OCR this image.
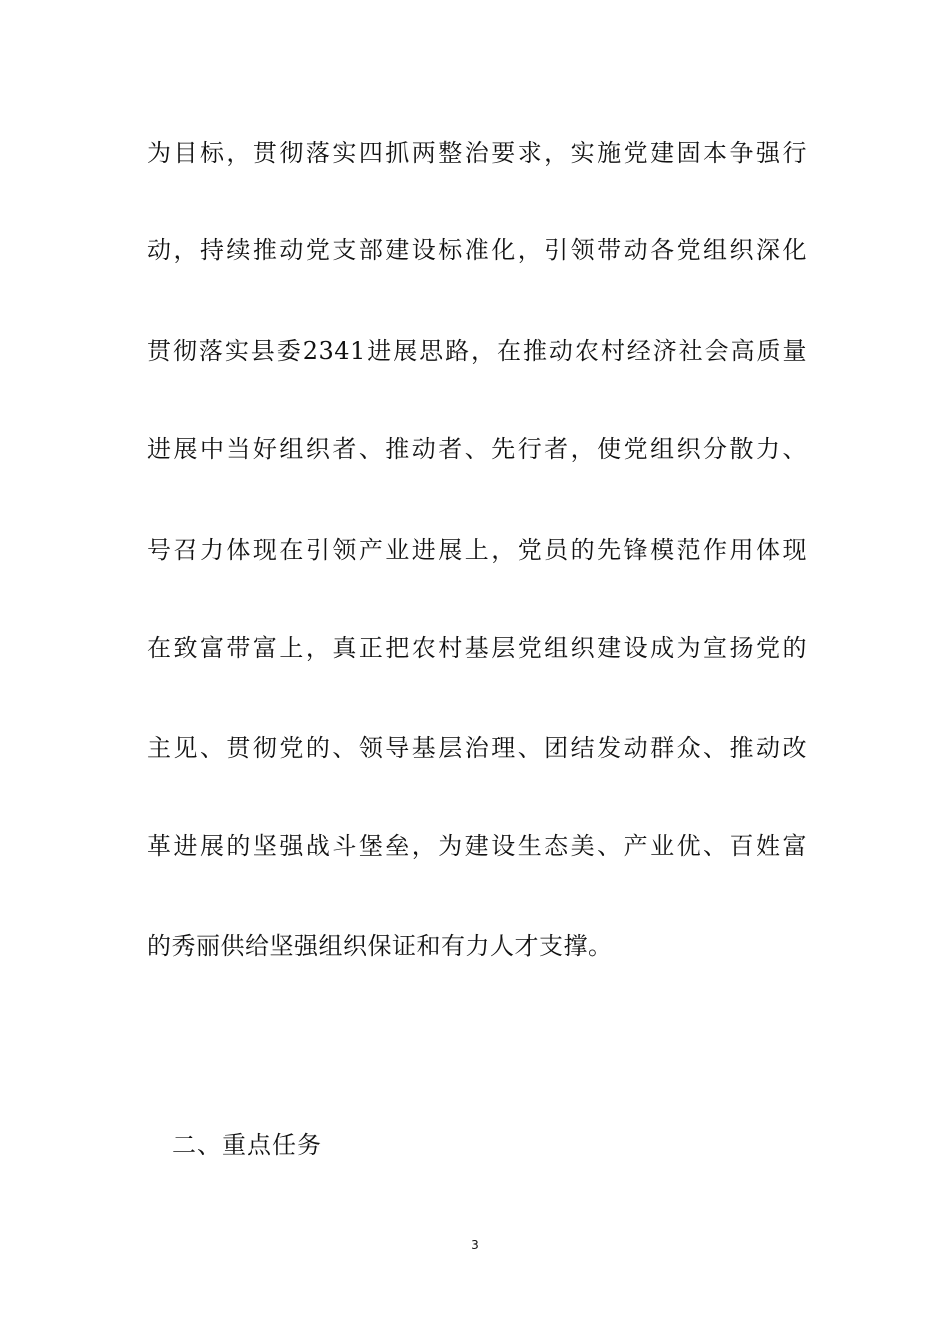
为目标，贯彻落实四抓两整治要求，实施党建固本争强行
动，持续推动党支部建设标准化，引领带动各党组织深化
贯彻落实县委2341进展思路，在推动农村经济社会高质量
进展中当好组织者、推动者、先行者，使党组织分散力、
号召力体现在引领产业进展上，党员的先锋模范作用体现
在致富带富上，真正把农村基层党组织建设成为宣扬党的
主见、贯彻党的、领导基层治理、团结发动群众、推动改
革进展的坚强战斗堡垒，为建设生态美、产业优、百姓富
的秀丽供给坚强组织保证和有力人才支撑。
二、重点任务
3
